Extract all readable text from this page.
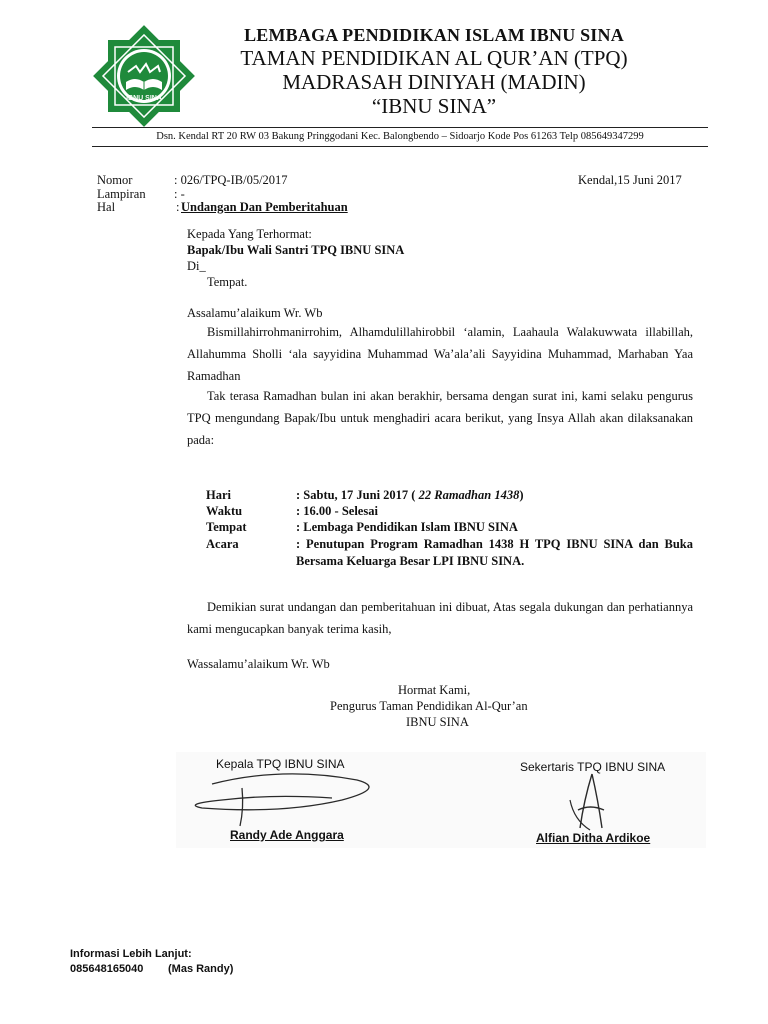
IBNU SINA
LEMBAGA PENDIDIKAN ISLAM IBNU SINA
TAMAN PENDIDIKAN AL QUR’AN (TPQ)
MADRASAH DINIYAH (MADIN)
“IBNU SINA”
Dsn. Kendal RT 20 RW 03 Bakung Pringgodani Kec. Balongbendo – Sidoarjo Kode Pos 61263 Telp 085649347299
Nomor	: 026/TPQ-IB/05/2017	Kendal,15 Juni 2017
Lampiran : -
Hal	: Undangan Dan Pemberitahuan
Kepada Yang Terhormat:
Bapak/Ibu Wali Santri TPQ IBNU SINA
Di_
Tempat.
Assalamu’alaikum Wr. Wb
Bismillahirrohmanirrohim, Alhamdulillahirobbil ‘alamin, Laahaula Walakuwwata illabillah, Allahumma Sholli ‘ala sayyidina Muhammad Wa’ala’ali Sayyidina Muhammad, Marhaban Yaa Ramadhan
Tak terasa Ramadhan bulan ini akan berakhir, bersama dengan surat ini, kami selaku pengurus TPQ mengundang Bapak/Ibu untuk menghadiri acara berikut, yang Insya Allah akan dilaksanakan pada:
Hari	: Sabtu, 17 Juni 2017 ( 22 Ramadhan 1438)
Waktu	: 16.00 - Selesai
Tempat	: Lembaga Pendidikan Islam IBNU SINA
Acara	: Penutupan Program Ramadhan 1438 H TPQ IBNU SINA dan Buka Bersama Keluarga Besar LPI IBNU SINA.
Demikian surat undangan dan pemberitahuan ini dibuat, Atas segala dukungan dan perhatiannya kami mengucapkan banyak terima kasih,
Wassalamu’alaikum Wr. Wb
Hormat Kami,
Pengurus Taman Pendidikan Al-Qur’an
IBNU SINA
Kepala TPQ IBNU SINA
Randy Ade Anggara
Sekertaris TPQ IBNU SINA
Alfian Ditha Ardikoe
Informasi Lebih Lanjut:
085648165040 (Mas Randy)
